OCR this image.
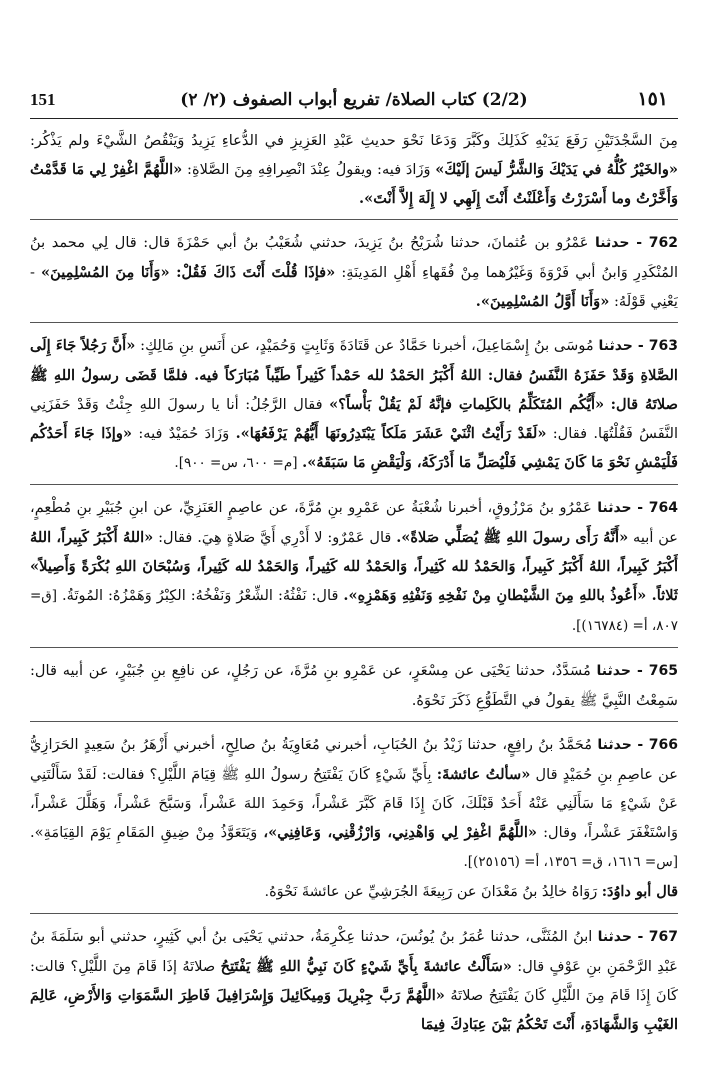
١٥١
(2/2) كتاب الصلاة/ تفريع أبواب الصفوف (٢/ ٢)
151

مِنَ السَّجْدَتَيْنِ رَفَعَ يَدَيْهِ كَذَلِكَ وكَبَّرَ وَدَعَا نَحْوَ حديثِ عَبْدِ العَزِيزِ في الدُّعاءِ يَزِيدُ وَيَنْقُصُ الشَّيْءَ ولم يَذْكُر: «والخَيْرُ كُلُّهُ في يَدَيْكَ وَالشَّرُّ لَيسَ إلَيْكَ» وَزَادَ فيه: ويقولُ عِنْدَ انْصِرافِهِ مِنَ الصَّلاةِ: «اللَّهُمَّ اغْفِرْ لِي مَا قَدَّمْتُ وَأَخَّرْتُ وما أَسْرَرْتُ وَأَعْلَنْتُ أَنْتَ إِلَهِي لا إِلَهَ إِلاَّ أَنْتَ».

762 - حدثنا عَمْرُو بن عُثمانَ، حدثنا شُرَيْحُ بنُ يَزِيدَ، حدثني شُعَيْبُ بنُ أبي حَمْزَةَ قال: قال لِي محمد بنُ المُنْكَدِرِ وَابنُ أبي فَرْوَةَ وَغَيْرُهما مِنْ فُقَهاءِ أَهْلِ المَدِينَةِ: «فإذَا قُلْتَ أَنْتَ ذَاكَ فَقُلْ: «وَأَنَا مِنَ المُسْلِمِينَ» - يَعْنِي قَوْلَهُ: «وَأَنَا أَوَّلُ المُسْلِمِينَ».

763 - حدثنا مُوسَى بنُ إِسْمَاعِيلَ، أخبرنا حَمَّادٌ عن قَتَادَةَ وَثَابِتٍ وَحُمَيْدٍ، عن أَنَسِ بنِ مَالِكٍ: «أَنَّ رَجُلاً جَاءَ إِلَى الصَّلاةِ وَقَدْ حَفَزَهُ النَّفَسُ فقال: اللهُ أَكْبَرُ الحَمْدُ لله حَمْداً كَثِيراً طَيِّباً مُبَارَكاً فيه. فلمَّا قَضَى رسولُ اللهِ ﷺ صلاتَهُ قال: «أَيُّكُم المُتَكَلِّمُ بالكَلِماتِ فإنَّهُ لَمْ يَقُلْ بَأْساً؟» فقال الرَّجُلُ: أنا يا رسولَ اللهِ جِئْتُ وَقَدْ حَفَزَنِي النَّفَسُ فَقُلْتُهَا. فقال: «لَقَدْ رَأَيْتُ اثْنَيْ عَشَرَ مَلَكاً يَبْتَدِرُونَهَا أَيُّهُمْ يَرْفَعُهَا». وَزَادَ حُمَيْدٌ فيه: «وإذَا جَاءَ أَحَدُكُم فَلْيَمْشِ نَحْوَ مَا كَانَ يَمْشِي فَلْيُصَلِّ مَا أَدْرَكَهُ، وَلْيَقْضِ مَا سَبَقَهُ». [م= ٦٠٠، س= ٩٠٠].

764 - حدثنا عَمْرُو بنُ مَرْزُوقٍ، أخبرنا شُعْبَةُ عن عَمْرِو بنِ مُرَّةَ، عن عاصِمٍ العَنَزِيِّ، عن ابنِ جُبَيْرِ بنِ مُطْعِمٍ، عن أبيه «أَنَّهُ رَأَى رسولَ اللهِ ﷺ يُصَلِّي صَلاةً». قال عَمْرٌو: لا أَدْرِي أَيَّ صَلاةٍ هِيَ. فقال: «اللهُ أَكْبَرُ كَبِيراً، اللهُ أَكْبَرُ كَبِيراً، اللهُ أَكْبَرُ كَبِيراً، وَالحَمْدُ لله كَثِيراً، وَالحَمْدُ لله كَثِيراً، وَالحَمْدُ لله كَثِيراً، وَسُبْحَانَ اللهِ بُكْرَةً وَأَصِيلاً» ثَلاثاً. «أَعُوذُ باللهِ مِنَ الشَّيْطانِ مِنْ نَفْخِهِ وَنَفْثِهِ وَهَمْزِهِ». قال: نَفْثُهُ: الشِّعْرُ وَنَفْخُهُ: الكِبْرُ وَهَمْزُهُ: المُوتَةُ. [ق= ٨٠٧، أ= (١٦٧٨٤)].

765 - حدثنا مُسَدَّدٌ، حدثنا يَحْيَى عن مِسْعَرٍ، عن عَمْرِو بنِ مُرَّةَ، عن رَجُلٍ، عن نافِعِ بنِ جُبَيْرٍ، عن أبيه قال: سَمِعْتُ النَّبِيَّ ﷺ يقولُ في التَّطَوُّعِ ذَكَرَ نَحْوَهُ.

766 - حدثنا مُحَمَّدُ بنُ رافِعٍ، حدثنا زَيْدُ بنُ الحُبَابِ، أخبرني مُعَاوِيَةُ بنُ صالِحٍ، أخبرني أَزْهَرُ بنُ سَعِيدٍ الحَرَازِيُّ عن عاصِمِ بنِ حُمَيْدٍ قال «سألتُ عائشةَ: بِأَيِّ شَيْءٍ كَانَ يَفْتَتِحُ رسولُ اللهِ ﷺ قِيَامَ اللَّيْلِ؟ فقالت: لَقَدْ سَأَلْتَنِي عَنْ شَيْءٍ مَا سَأَلَنِي عَنْهُ أَحَدٌ قَبْلَكَ، كَانَ إِذَا قَامَ كَبَّرَ عَشْراً، وَحَمِدَ اللهَ عَشْراً، وَسَبَّحَ عَشْراً، وَهَلَّلَ عَشْراً، وَاسْتَغْفَرَ عَشْراً، وقال: «اللَّهُمَّ اغْفِرْ لِي وَاهْدِنِي، وَارْزُقْنِي، وَعَافِنِي»، وَيَتَعَوَّذُ مِنْ ضِيقِ المَقَامِ يَوْمَ القِيَامَةِ». [س= ١٦١٦، ق= ١٣٥٦، أ= (٢٥١٥٦)].

قال أبو داوُدَ: رَوَاهُ خالِدُ بنُ مَعْدَانَ عن رَبِيعَةَ الجُرَشِيِّ عن عائشةَ نَحْوَهُ.

767 - حدثنا ابنُ المُثَنَّى، حدثنا عُمَرُ بنُ يُونُسَ، حدثنا عِكْرِمَةُ، حدثني يَحْيَى بنُ أبي كَثِيرٍ، حدثني أبو سَلَمَةَ بنُ عَبْدِ الرَّحْمَنِ بنِ عَوْفٍ قال: «سَأَلْتُ عائشةَ بِأَيِّ شَيْءٍ كَانَ نَبِيُّ اللهِ ﷺ يَفْتَتِحُ صلاتَهُ إذَا قَامَ مِنَ اللَّيْلِ؟ قالت: كَانَ إِذَا قَامَ مِنَ اللَّيْلِ كَانَ يَفْتَتِحُ صلاتَهُ «اللَّهُمَّ رَبَّ جِبْرِيلَ وَمِيكَائِيلَ وَإِسْرَافِيلَ فَاطِرَ السَّمَوَاتِ وَالأَرْضِ، عَالِمَ الغَيْبِ وَالشَّهَادَةِ، أَنْتَ تَحْكُمُ بَيْنَ عِبَادِكَ فِيمَا
